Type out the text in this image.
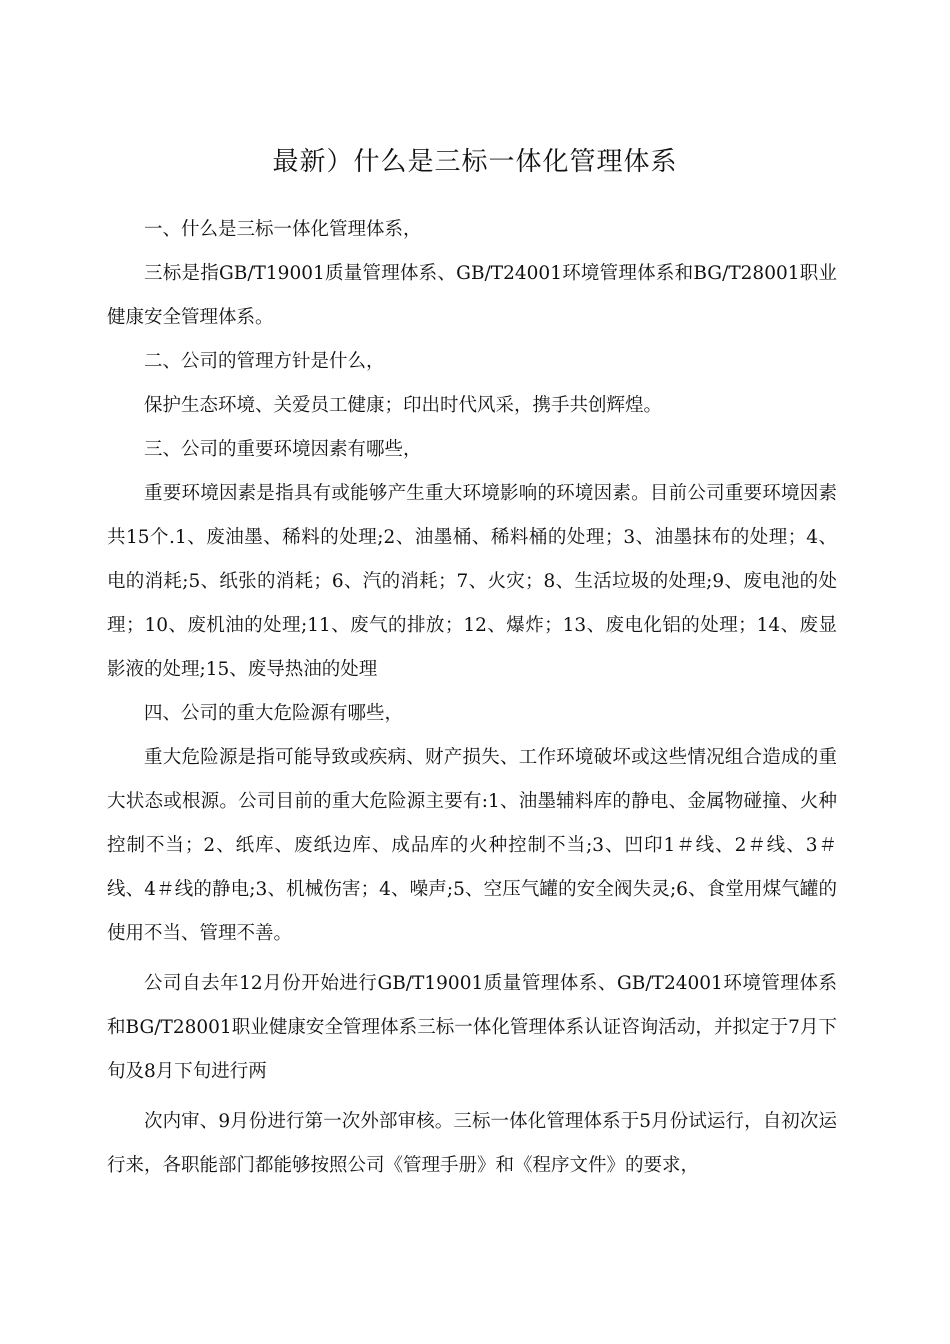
最新）什么是三标一体化管理体系

一、什么是三标一体化管理体系，

三标是指GB/T19001质量管理体系、GB/T24001环境管理体系和BG/T28001职业健康安全管理体系。

二、公司的管理方针是什么，

保护生态环境、关爱员工健康；印出时代风采，携手共创辉煌。

三、公司的重要环境因素有哪些，

重要环境因素是指具有或能够产生重大环境影响的环境因素。目前公司重要环境因素共15个.1、废油墨、稀料的处理;2、油墨桶、稀料桶的处理；3、油墨抹布的处理；4、电的消耗;5、纸张的消耗；6、汽的消耗；7、火灾；8、生活垃圾的处理;9、废电池的处理；10、废机油的处理;11、废气的排放；12、爆炸；13、废电化铝的处理；14、废显影液的处理;15、废导热油的处理

四、公司的重大危险源有哪些，

重大危险源是指可能导致或疾病、财产损失、工作环境破坏或这些情况组合造成的重大状态或根源。公司目前的重大危险源主要有:1、油墨辅料库的静电、金属物碰撞、火种控制不当；2、纸库、废纸边库、成品库的火种控制不当;3、凹印1＃线、2＃线、3＃线、4＃线的静电;3、机械伤害；4、噪声;5、空压气罐的安全阀失灵;6、食堂用煤气罐的使用不当、管理不善。

公司自去年12月份开始进行GB/T19001质量管理体系、GB/T24001环境管理体系和BG/T28001职业健康安全管理体系三标一体化管理体系认证咨询活动，并拟定于7月下旬及8月下旬进行两

次内审、9月份进行第一次外部审核。三标一体化管理体系于5月份试运行，自初次运行来，各职能部门都能够按照公司《管理手册》和《程序文件》的要求，
